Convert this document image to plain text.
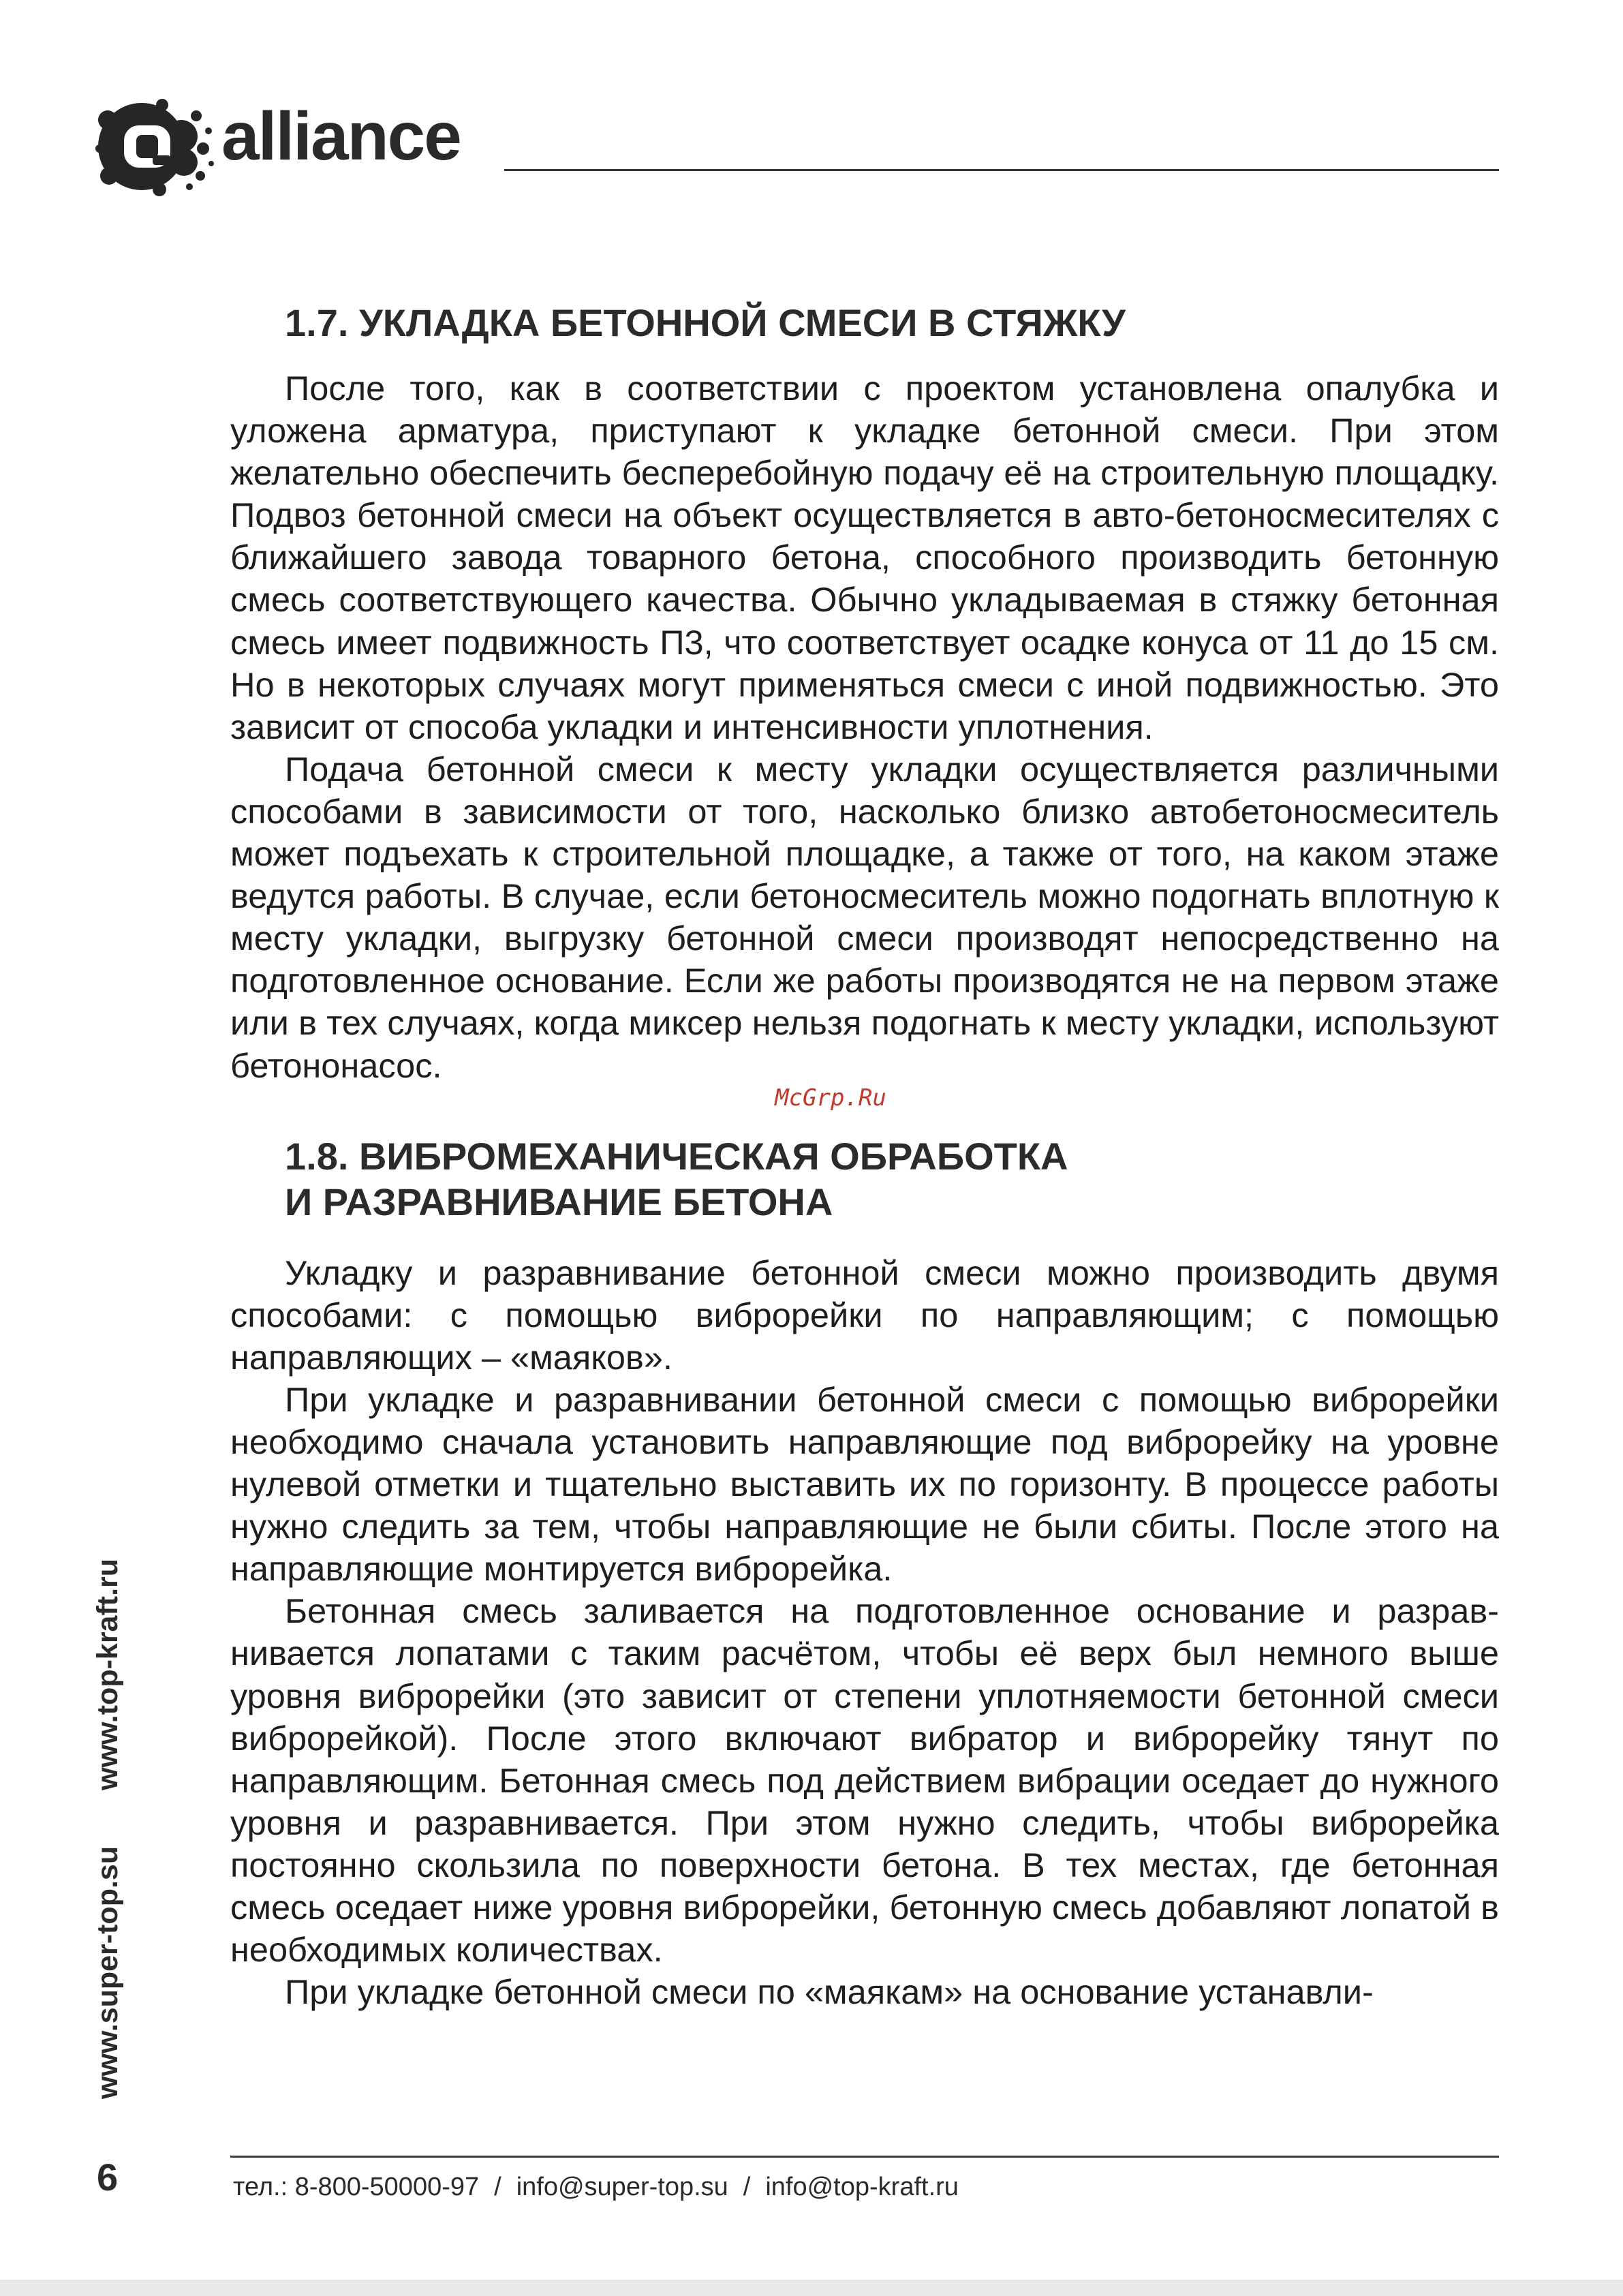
alliance
1.7. УКЛАДКА БЕТОННОЙ СМЕСИ В СТЯЖКУ

После того, как в соответствии с проектом установлена опалубка и уложена арматура, приступают к укладке бетонной смеси. При этом желательно обеспечить бесперебойную подачу её на строительную площадку. Подвоз бетонной смеси на объект осуществляется в авто-бетоносмесителях с ближайшего завода товарного бетона, способного производить бетонную смесь соответствующего качества. Обычно укладываемая в стяжку бетонная смесь имеет подвижность П3, что соответствует осадке конуса от 11 до 15 см. Но в некоторых случаях могут применяться смеси с иной подвижностью. Это зависит от способа укладки и интенсивности уплотнения.

Подача бетонной смеси к месту укладки осуществляется различными способами в зависимости от того, насколько близко автобетоносмеситель может подъехать к строительной площадке, а также от того, на каком этаже ведутся работы. В случае, если бетоносмеситель можно подогнать вплотную к месту укладки, выгрузку бетонной смеси производят непосредственно на подготовленное основание. Если же работы производятся не на первом этаже или в тех случаях, когда миксер нельзя подогнать к месту укладки, используют бетононасос.

McGrp.Ru
1.8. ВИБРОМЕХАНИЧЕСКАЯ ОБРАБОТКА
И РАЗРАВНИВАНИЕ БЕТОНА

Укладку и разравнивание бетонной смеси можно производить двумя способами: с помощью виброрейки по направляющим; с помощью направляющих – «маяков».

При укладке и разравнивании бетонной смеси с помощью виброрейки необходимо сначала установить направляющие под виброрейку на уровне нулевой отметки и тщательно выставить их по горизонту. В процессе работы нужно следить за тем, чтобы направляющие не были сбиты. После этого на направляющие монтируется виброрейка.

Бетонная смесь заливается на подготовленное основание и разрав-нивается лопатами с таким расчётом, чтобы её верх был немного выше уровня виброрейки (это зависит от степени уплотняемости бетонной смеси виброрейкой). После этого включают вибратор и виброрейку тянут по направляющим. Бетонная смесь под действием вибрации оседает до нужного уровня и разравнивается. При этом нужно следить, чтобы виброрейка постоянно скользила по поверхности бетона. В тех местах, где бетонная смесь оседает ниже уровня виброрейки, бетонную смесь добавляют лопатой в необходимых количествах.

При укладке бетонной смеси по «маякам» на основание устанавли-

www.super-top.su www.top-kraft.ru
6	тел.: 8-800-50000-97 / info@super-top.su / info@top-kraft.ru
